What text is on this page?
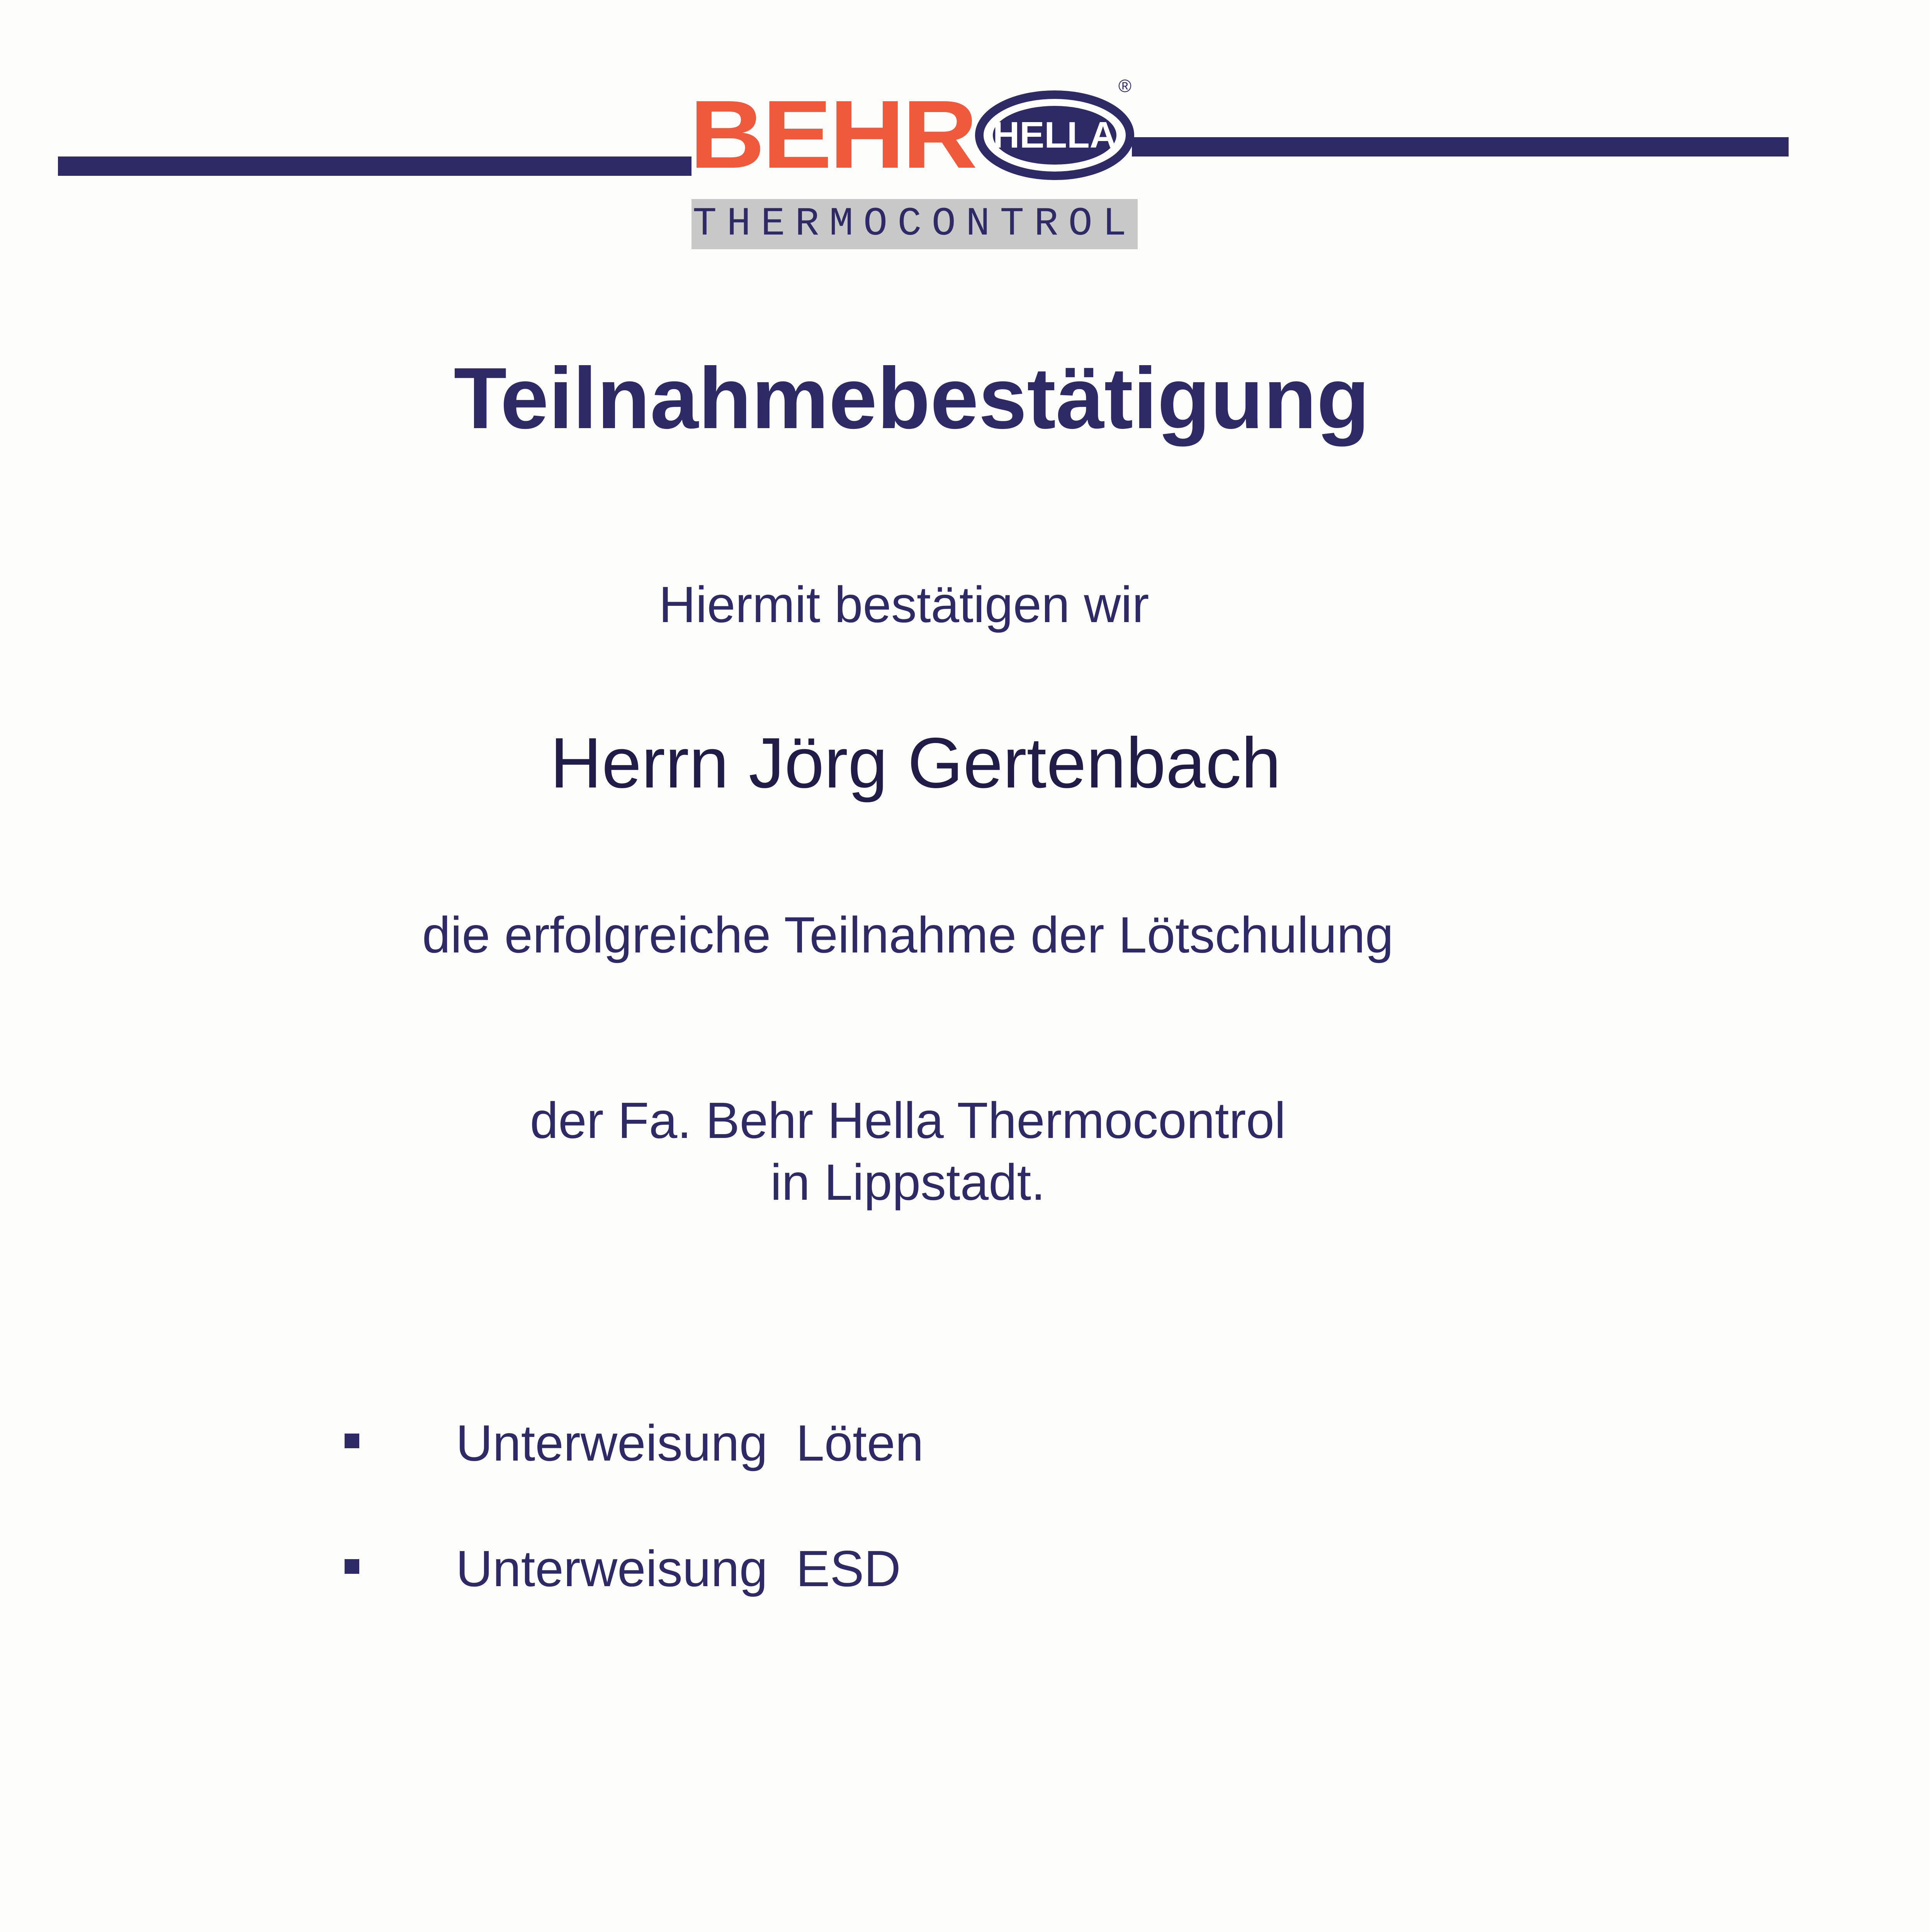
BEHR HELLA
®
THERMOCONTROL
Teilnahmebestätigung
Hiermit bestätigen wir
Herrn Jörg Gertenbach
die erfolgreiche Teilnahme der Lötschulung
der Fa. Behr Hella Thermocontrol
in Lippstadt.
Unterweisung  Löten
Unterweisung  ESD
